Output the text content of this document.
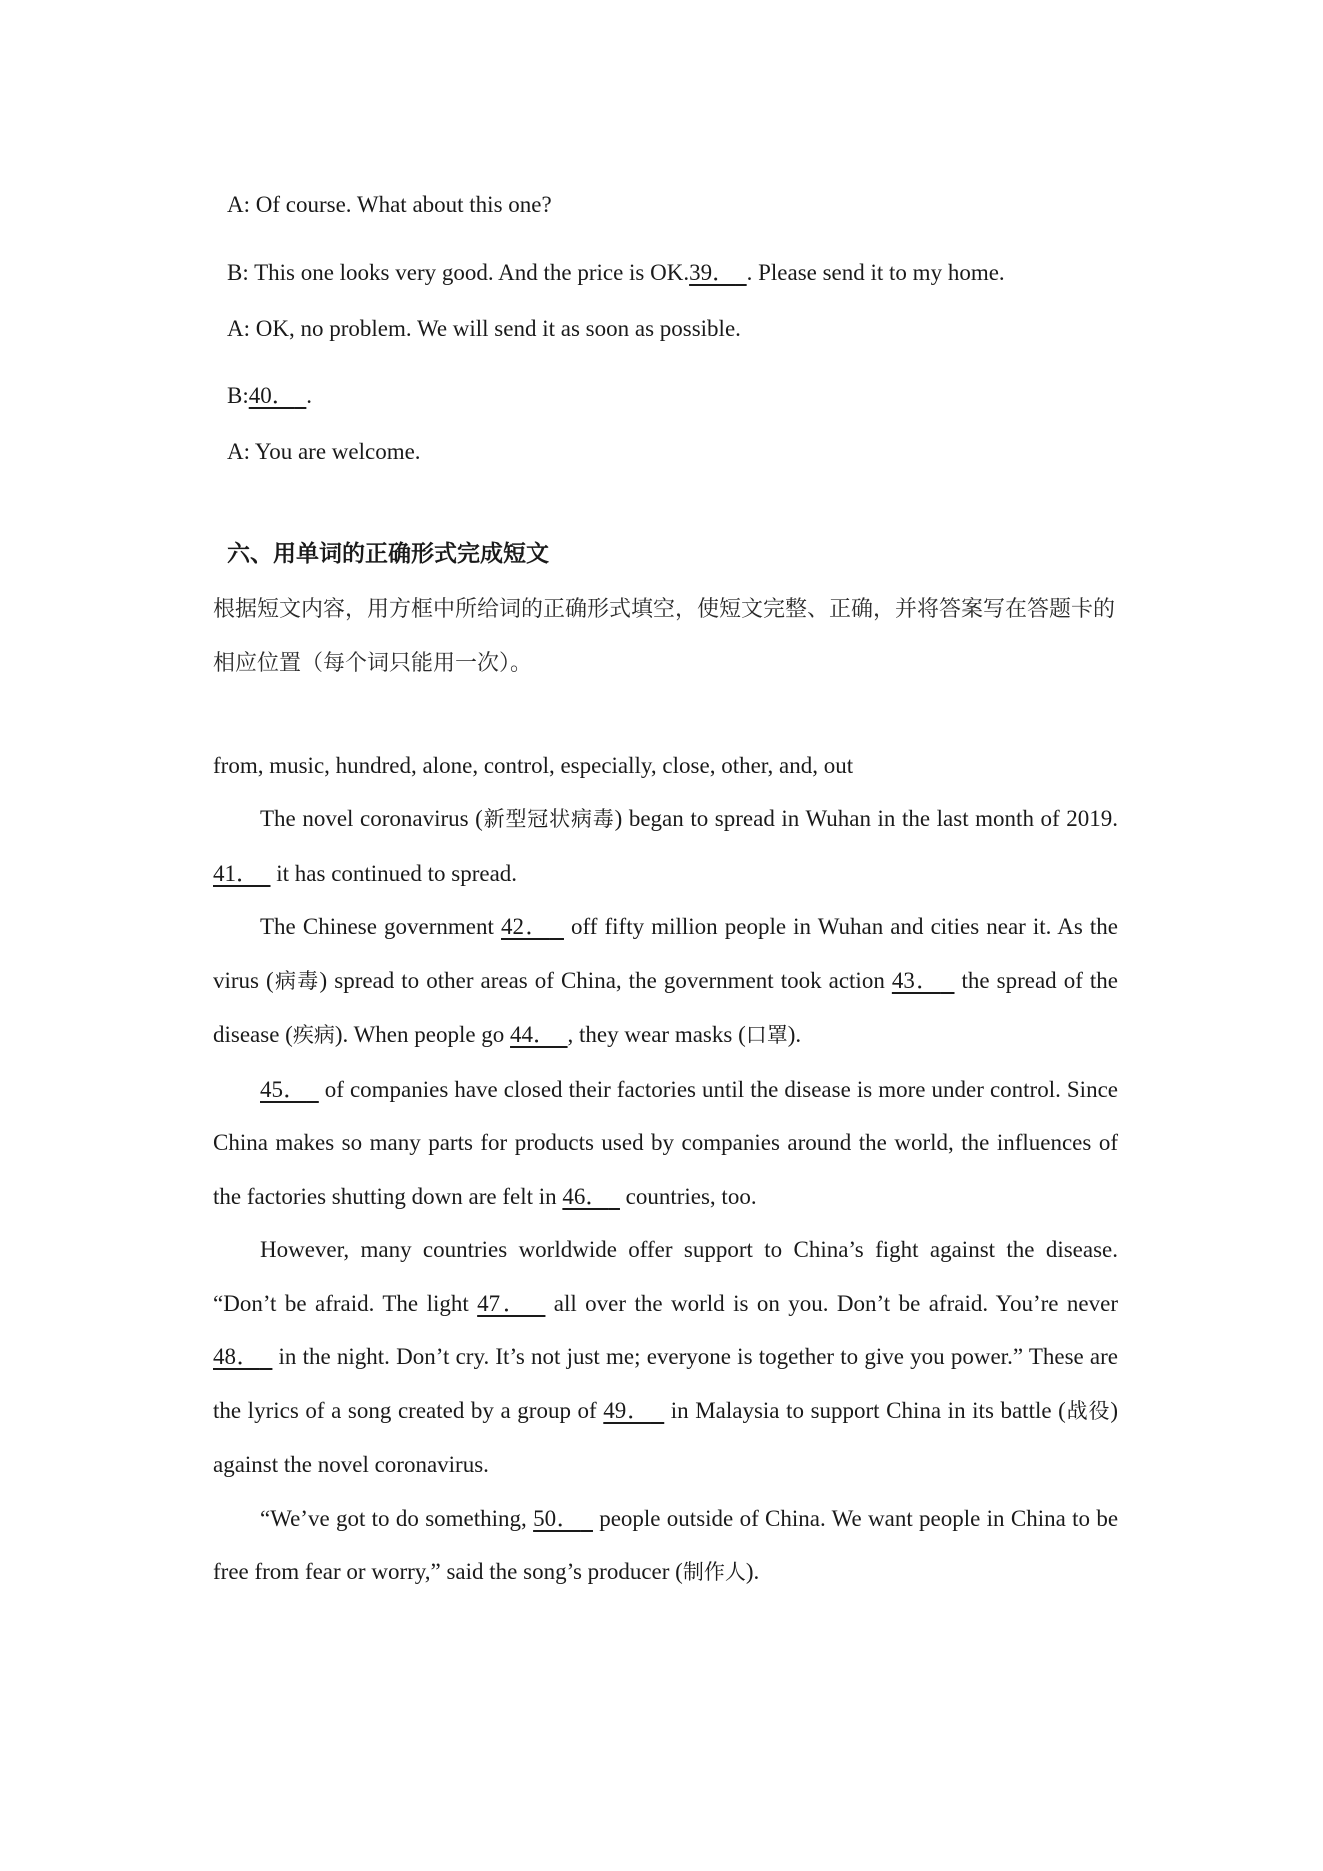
A: Of course. What about this one?
B: This one looks very good. And the price is OK.39． . Please send it to my home.
A: OK, no problem. We will send it as soon as possible.
B:40． .
A: You are welcome.
六、用单词的正确形式完成短文
根据短文内容，用方框中所给词的正确形式填空，使短文完整、正确，并将答案写在答题卡的相应位置（每个词只能用一次）。
from, music, hundred, alone, control, especially, close, other, and, out

The novel coronavirus (新型冠状病毒) began to spread in Wuhan in the last month of 2019. 41． it has continued to spread.

The Chinese government 42． off fifty million people in Wuhan and cities near it. As the virus (病毒) spread to other areas of China, the government took action 43． the spread of the disease (疾病). When people go 44． , they wear masks (口罩).

45． of companies have closed their factories until the disease is more under control. Since China makes so many parts for products used by companies around the world, the influences of the factories shutting down are felt in 46． countries, too.

However, many countries worldwide offer support to China’s fight against the disease. “Don’t be afraid. The light 47． all over the world is on you. Don’t be afraid. You’re never 48． in the night. Don’t cry. It’s not just me; everyone is together to give you power.” These are the lyrics of a song created by a group of 49． in Malaysia to support China in its battle (战役) against the novel coronavirus.

“We’ve got to do something, 50． people outside of China. We want people in China to be free from fear or worry,” said the song’s producer (制作人).
